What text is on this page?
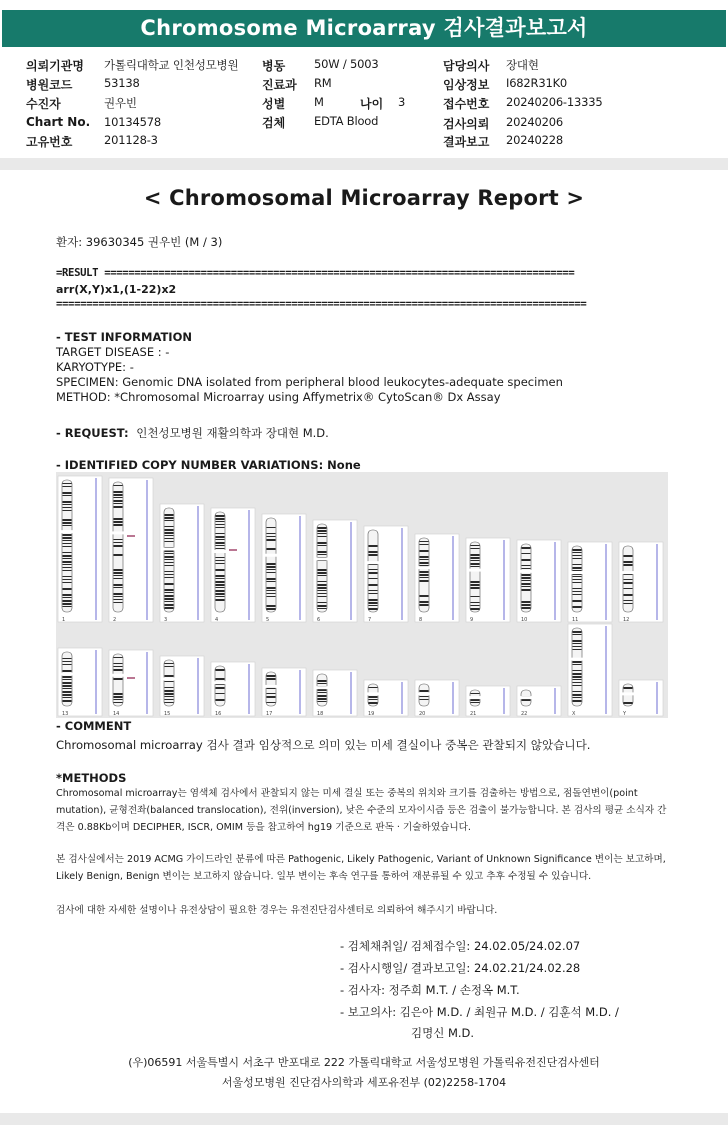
Chromosome Microarray 검사결과보고서
의뢰기관명 가톨릭대학교 인천성모병원
병원코드	53138
수진자	권우빈
Chart No. 10134578
고유번호	201128-3
병동	50W / 5003
진료과 RM
성별	M	나이 3
검체	EDTA Blood
담당의사 장대현
임상정보 I682R31K0
접수번호 20240206-13335
검사의뢰 20240206
결과보고 20240228
< Chromosomal Microarray Report >
환자: 39630345 권우빈 (M / 3)
=RESULT ==============================================================================
arr(X,Y)x1,(1-22)x2
========================================================================================
- TEST INFORMATION
TARGET DISEASE : -
KARYOTYPE: -
SPECIMEN: Genomic DNA isolated from peripheral blood leukocytes-adequate specimen
METHOD: *Chromosomal Microarray using Affymetrix® CytoScan® Dx Assay
- REQUEST: 인천성모병원 재활의학과 장대현 M.D.
- IDENTIFIED COPY NUMBER VARIATIONS: None
1	2	3	4	5	6	7	8	9	10	11	12
13	14	15	16	17	18	19	20	21	22	X	Y
- COMMENT
Chromosomal microarray 검사 결과 임상적으로 의미 있는 미세 결실이나 중복은 관찰되지 않았습니다.
*METHODS
Chromosomal microarray는 염색체 검사에서 관찰되지 않는 미세 결실 또는 중복의 위치와 크기를 검출하는 방법으로, 점돌연변이(point mutation), 균형전좌(balanced translocation), 전위(inversion), 낮은 수준의 모자이시즘 등은 검출이 불가능합니다. 본 검사의 평균 소식자 간격은 0.88Kb이며 DECIPHER, ISCR, OMIM 등을 참고하여 hg19 기준으로 판독 · 기술하였습니다.
본 검사실에서는 2019 ACMG 가이드라인 분류에 따른 Pathogenic, Likely Pathogenic, Variant of Unknown Significance 변이는 보고하며, Likely Benign, Benign 변이는 보고하지 않습니다. 일부 변이는 후속 연구를 통하여 재분류될 수 있고 추후 수정될 수 있습니다.
검사에 대한 자세한 설명이나 유전상담이 필요한 경우는 유전진단검사센터로 의뢰하여 해주시기 바랍니다.
- 검체채취일/ 검체접수일: 24.02.05/24.02.07
- 검사시행일/ 결과보고일: 24.02.21/24.02.28
- 검사자: 정주희 M.T. / 손정옥 M.T.
- 보고의사: 김은아 M.D. / 최원규 M.D. / 김훈석 M.D. /
김명신 M.D.
(우)06591 서울특별시 서초구 반포대로 222 가톨릭대학교 서울성모병원 가톨릭유전진단검사센터
서울성모병원 진단검사의학과 세포유전부 (02)2258-1704
